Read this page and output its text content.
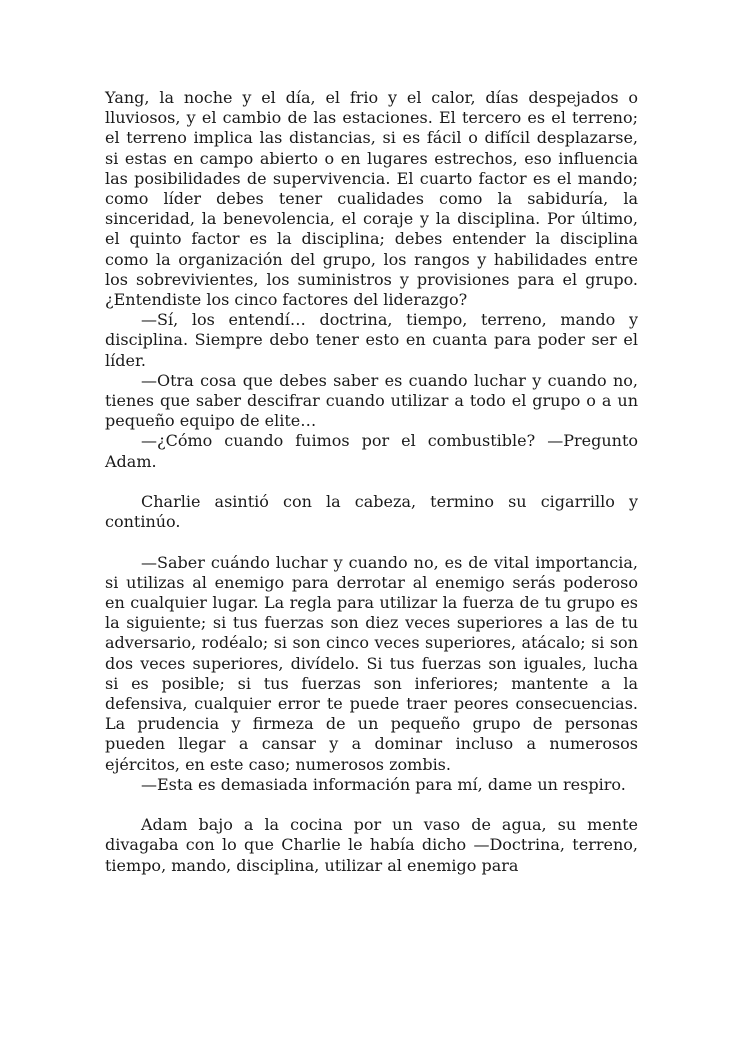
Yang, la noche y el día, el frio y el calor, días despejados o lluviosos, y el cambio de las estaciones. El tercero es el terreno; el terreno implica las distancias, si es fácil o difícil desplazarse, si estas en campo abierto o en lugares estrechos, eso influencia las posibilidades de supervivencia. El cuarto factor es el mando; como líder debes tener cualidades como la sabiduría, la sinceridad, la benevolencia, el coraje y la disciplina. Por último, el quinto factor es la disciplina; debes entender la disciplina como la organización del grupo, los rangos y habilidades entre los sobrevivientes, los suministros y provisiones para el grupo. ¿Entendiste los cinco factores del liderazgo?

—Sí, los entendí… doctrina, tiempo, terreno, mando y disciplina. Siempre debo tener esto en cuanta para poder ser el líder.

—Otra cosa que debes saber es cuando luchar y cuando no, tienes que saber descifrar cuando utilizar a todo el grupo o a un pequeño equipo de elite…

—¿Cómo cuando fuimos por el combustible? —Pregunto Adam.

Charlie asintió con la cabeza, termino su cigarrillo y continúo.

—Saber cuándo luchar y cuando no, es de vital importancia, si utilizas al enemigo para derrotar al enemigo serás poderoso en cualquier lugar. La regla para utilizar la fuerza de tu grupo es la siguiente; si tus fuerzas son diez veces superiores a las de tu adversario, rodéalo; si son cinco veces superiores, atácalo; si son dos veces superiores, divídelo. Si tus fuerzas son iguales, lucha si es posible; si tus fuerzas son inferiores; mantente a la defensiva, cualquier error te puede traer peores consecuencias. La prudencia y firmeza de un pequeño grupo de personas pueden llegar a cansar y a dominar incluso a numerosos ejércitos, en este caso; numerosos zombis.

—Esta es demasiada información para mí, dame un respiro.

Adam bajo a la cocina por un vaso de agua, su mente divagaba con lo que Charlie le había dicho —Doctrina, terreno, tiempo, mando, disciplina, utilizar al enemigo para
